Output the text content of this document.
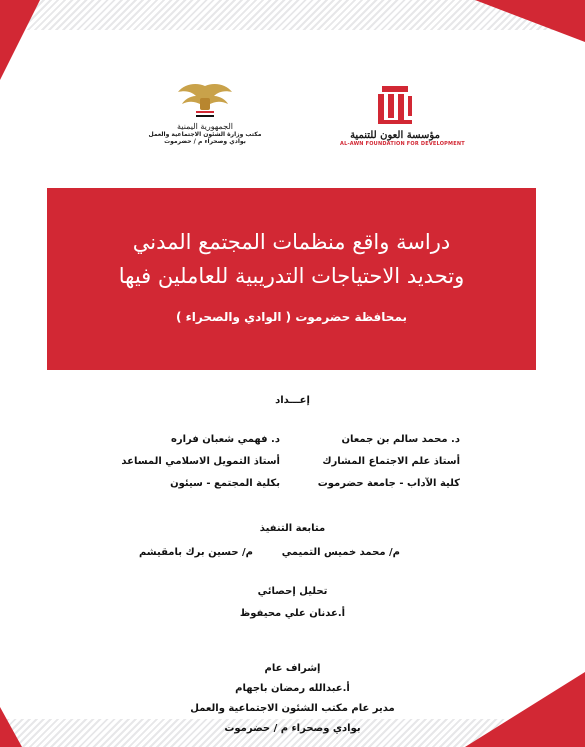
مؤسسة العون للتنمية
AL-AWN FOUNDATION FOR DEVELOPMENT
الجمهورية اليمنية
مكتب وزارة الشئون الاجتماعية والعمل
بوادي وصحراء م / حضرموت
دراسة واقع منظمات المجتمع المدني
وتحديد الاحتياجات التدريبية للعاملين فيها
بمحافظة حضرموت ( الوادي والصحراء )
إعـــداد
د. محمد سالم بن جمعان
أستاذ علم الاجتماع المشارك
كلية الآداب - جامعة حضرموت
د. فهمي شعبان فراره
أستاذ التمويل الاسلامي المساعد
بكلية المجتمع - سيئون
متابعة التنفيذ
م/ محمد خميس التميمي
م/ حسين برك بامقيشم
تحليل إحصائي
أ.عدنان علي محيفوظ
إشراف عام
أ.عبدالله رمضان باجهام
مدير عام مكتب الشئون الاجتماعية والعمل
بوادي وصحراء م / حضرموت
